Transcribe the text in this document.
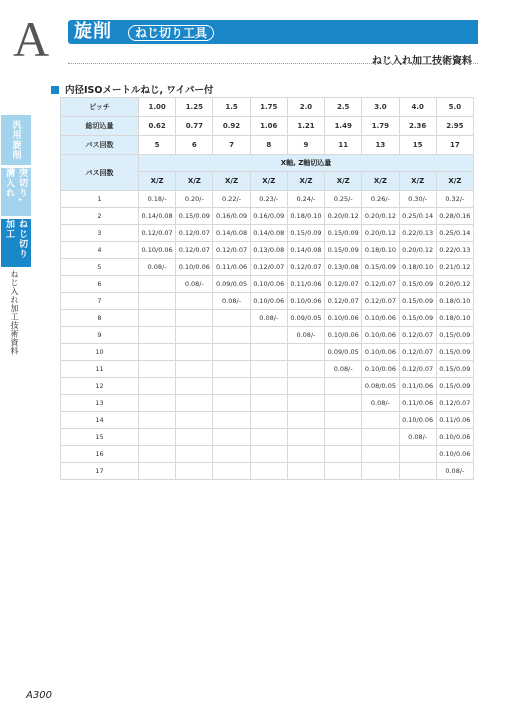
A 旋削	ねじ切り工具
ねじ入れ加工技術資料
汎用旋削
突切り, 溝入れ
ねじ切り加工
ねじ入れ加工技術資料
内径ISOメートルねじ, ワイパー付
ピッチ	1.00	1.25	1.5	1.75	2.0	2.5	3.0	4.0	5.0
総切込量	0.62	0.77	0.92	1.06	1.21	1.49	1.79	2.36	2.95
パス回数	5	6	7	8	9	11	13	15	17
パス回数	X軸, Z軸切込量								
	X/Z	X/Z	X/Z	X/Z	X/Z	X/Z	X/Z	X/Z	X/Z
1	0.18/-	0.20/-	0.22/-	0.23/-	0.24/-	0.25/-	0.26/-	0.30/-	0.32/-
2	0.14/0.08	0.15/0.09	0.16/0.09	0.16/0.09	0.18/0.10	0.20/0.12	0.20/0.12	0.25/0.14	0.28/0.16
3	0.12/0.07	0.12/0.07	0.14/0.08	0.14/0.08	0.15/0.09	0.15/0.09	0.20/0.12	0.22/0.13	0.25/0.14
4	0.10/0.06	0.12/0.07	0.12/0.07	0.13/0.08	0.14/0.08	0.15/0.09	0.18/0.10	0.20/0.12	0.22/0.13
5	0.08/-	0.10/0.06	0.11/0.06	0.12/0.07	0.12/0.07	0.13/0.08	0.15/0.09	0.18/0.10	0.21/0.12
6		0.08/-	0.09/0.05	0.10/0.06	0.11/0.06	0.12/0.07	0.12/0.07	0.15/0.09	0.20/0.12
7			0.08/-	0.10/0.06	0.10/0.06	0.12/0.07	0.12/0.07	0.15/0.09	0.18/0.10
8				0.08/-	0.09/0.05	0.10/0.06	0.10/0.06	0.15/0.09	0.18/0.10
9					0.08/-	0.10/0.06	0.10/0.06	0.12/0.07	0.15/0.09
10						0.09/0.05	0.10/0.06	0.12/0.07	0.15/0.09
11						0.08/-	0.10/0.06	0.12/0.07	0.15/0.09
12							0.08/0.05	0.11/0.06	0.15/0.09
13							0.08/-	0.11/0.06	0.12/0.07
14								0.10/0.06	0.11/0.06
15								0.08/-	0.10/0.06
16									0.10/0.06
17									0.08/-
A300
